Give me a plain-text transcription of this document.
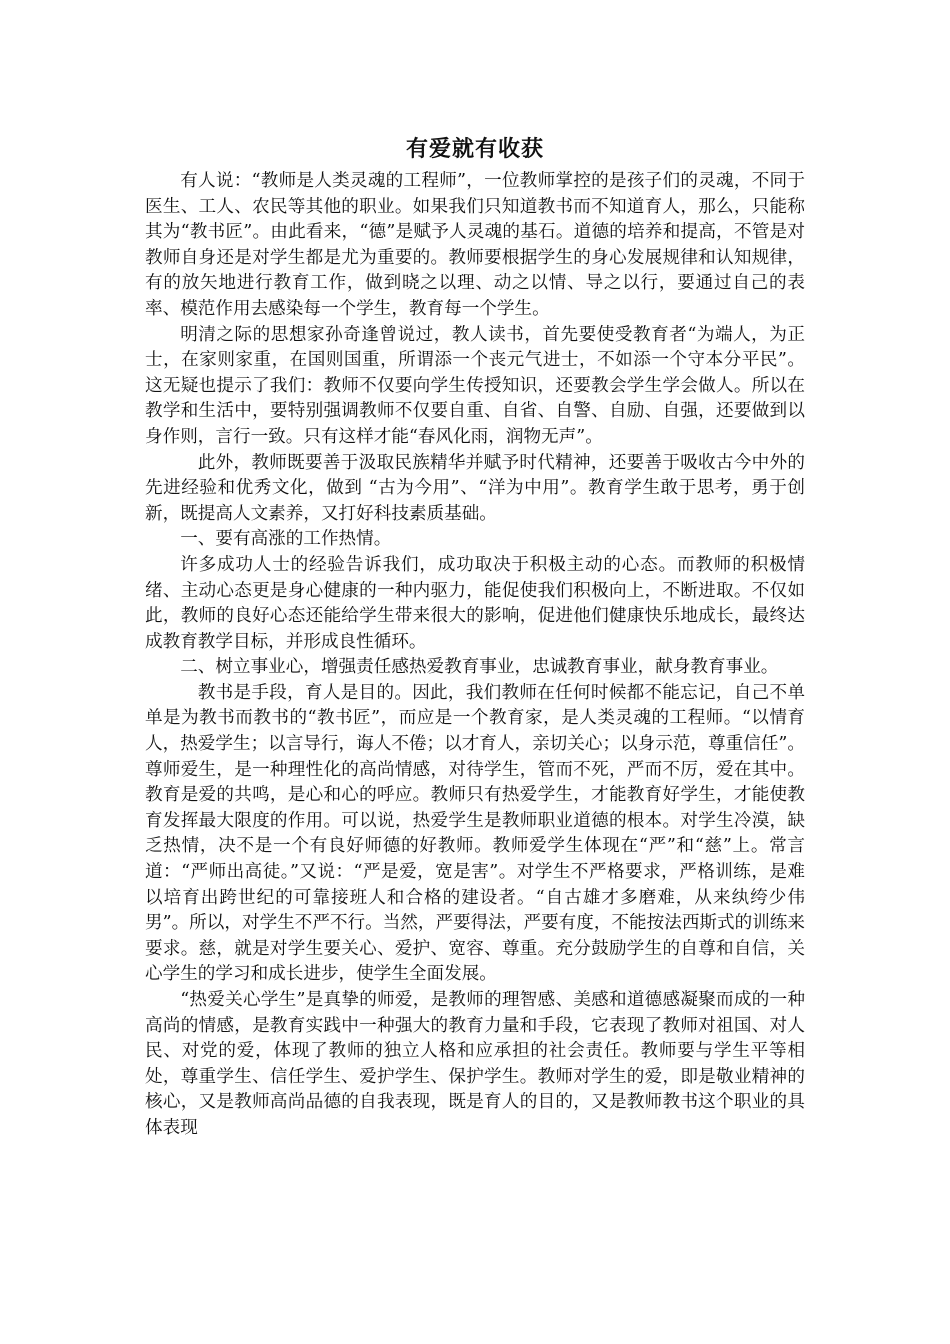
有爱就有收获

有人说：“教师是人类灵魂的工程师”，一位教师掌控的是孩子们的灵魂，不同于医生、工人、农民等其他的职业。如果我们只知道教书而不知道育人，那么，只能称其为“教书匠”。由此看来，“德”是赋予人灵魂的基石。道德的培养和提高，不管是对教师自身还是对学生都是尤为重要的。教师要根据学生的身心发展规律和认知规律，有的放矢地进行教育工作，做到晓之以理、动之以情、导之以行，要通过自己的表率、模范作用去感染每一个学生，教育每一个学生。

明清之际的思想家孙奇逢曾说过，教人读书，首先要使受教育者“为端人，为正士，在家则家重，在国则国重，所谓添一个丧元气进士，不如添一个守本分平民”。 这无疑也提示了我们：教师不仅要向学生传授知识，还要教会学生学会做人。所以在教学和生活中，要特别强调教师不仅要自重、自省、自警、自励、自强，还要做到以身作则，言行一致。只有这样才能“春风化雨，润物无声”。

此外，教师既要善于汲取民族精华并赋予时代精神，还要善于吸收古今中外的先进经验和优秀文化，做到 “古为今用”、“洋为中用”。教育学生敢于思考，勇于创新，既提高人文素养，又打好科技素质基础。

一、要有高涨的工作热情。

许多成功人士的经验告诉我们，成功取决于积极主动的心态。而教师的积极情绪、主动心态更是身心健康的一种内驱力，能促使我们积极向上，不断进取。不仅如此，教师的良好心态还能给学生带来很大的影响，促进他们健康快乐地成长，最终达成教育教学目标，并形成良性循环。

二、树立事业心，增强责任感热爱教育事业，忠诚教育事业，献身教育事业。

教书是手段，育人是目的。因此，我们教师在任何时候都不能忘记，自己不单单是为教书而教书的“教书匠”，而应是一个教育家，是人类灵魂的工程师。“以情育人，热爱学生；以言导行，诲人不倦；以才育人，亲切关心；以身示范，尊重信任”。尊师爱生，是一种理性化的高尚情感，对待学生，管而不死，严而不厉，爱在其中。教育是爱的共鸣，是心和心的呼应。教师只有热爱学生，才能教育好学生，才能使教育发挥最大限度的作用。可以说，热爱学生是教师职业道德的根本。对学生冷漠，缺乏热情，决不是一个有良好师德的好教师。教师爱学生体现在“严”和“慈”上。常言道：“严师出高徒。”又说：“严是爱，宽是害”。对学生不严格要求，严格训练，是难以培育出跨世纪的可靠接班人和合格的建设者。“自古雄才多磨难，从来纨绔少伟男”。所以，对学生不严不行。当然，严要得法，严要有度，不能按法西斯式的训练来要求。慈，就是对学生要关心、爱护、宽容、尊重。充分鼓励学生的自尊和自信，关心学生的学习和成长进步，使学生全面发展。

“热爱关心学生”是真挚的师爱，是教师的理智感、美感和道德感凝聚而成的一种高尚的情感，是教育实践中一种强大的教育力量和手段，它表现了教师对祖国、对人民、对党的爱，体现了教师的独立人格和应承担的社会责任。教师要与学生平等相处，尊重学生、信任学生、爱护学生、保护学生。教师对学生的爱，即是敬业精神的核心，又是教师高尚品德的自我表现，既是育人的目的，又是教师教书这个职业的具体表现
